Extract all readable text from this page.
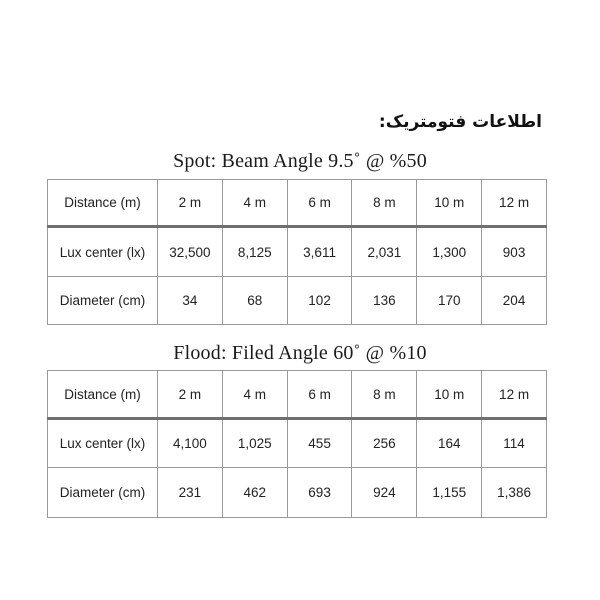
اطلاعات فتومتریک:
Spot: Beam Angle 9.5˚ @ %50
Distance (m)	2 m	4 m	6 m	8 m	10 m	12 m
Lux center (lx)	32,500	8,125	3,611	2,031	1,300	903
Diameter (cm)	34	68	102	136	170	204
Flood: Filed Angle 60˚ @ %10
Distance (m)	2 m	4 m	6 m	8 m	10 m	12 m
Lux center (lx)	4,100	1,025	455	256	164	114
Diameter (cm)	231	462	693	924	1,155	1,386
